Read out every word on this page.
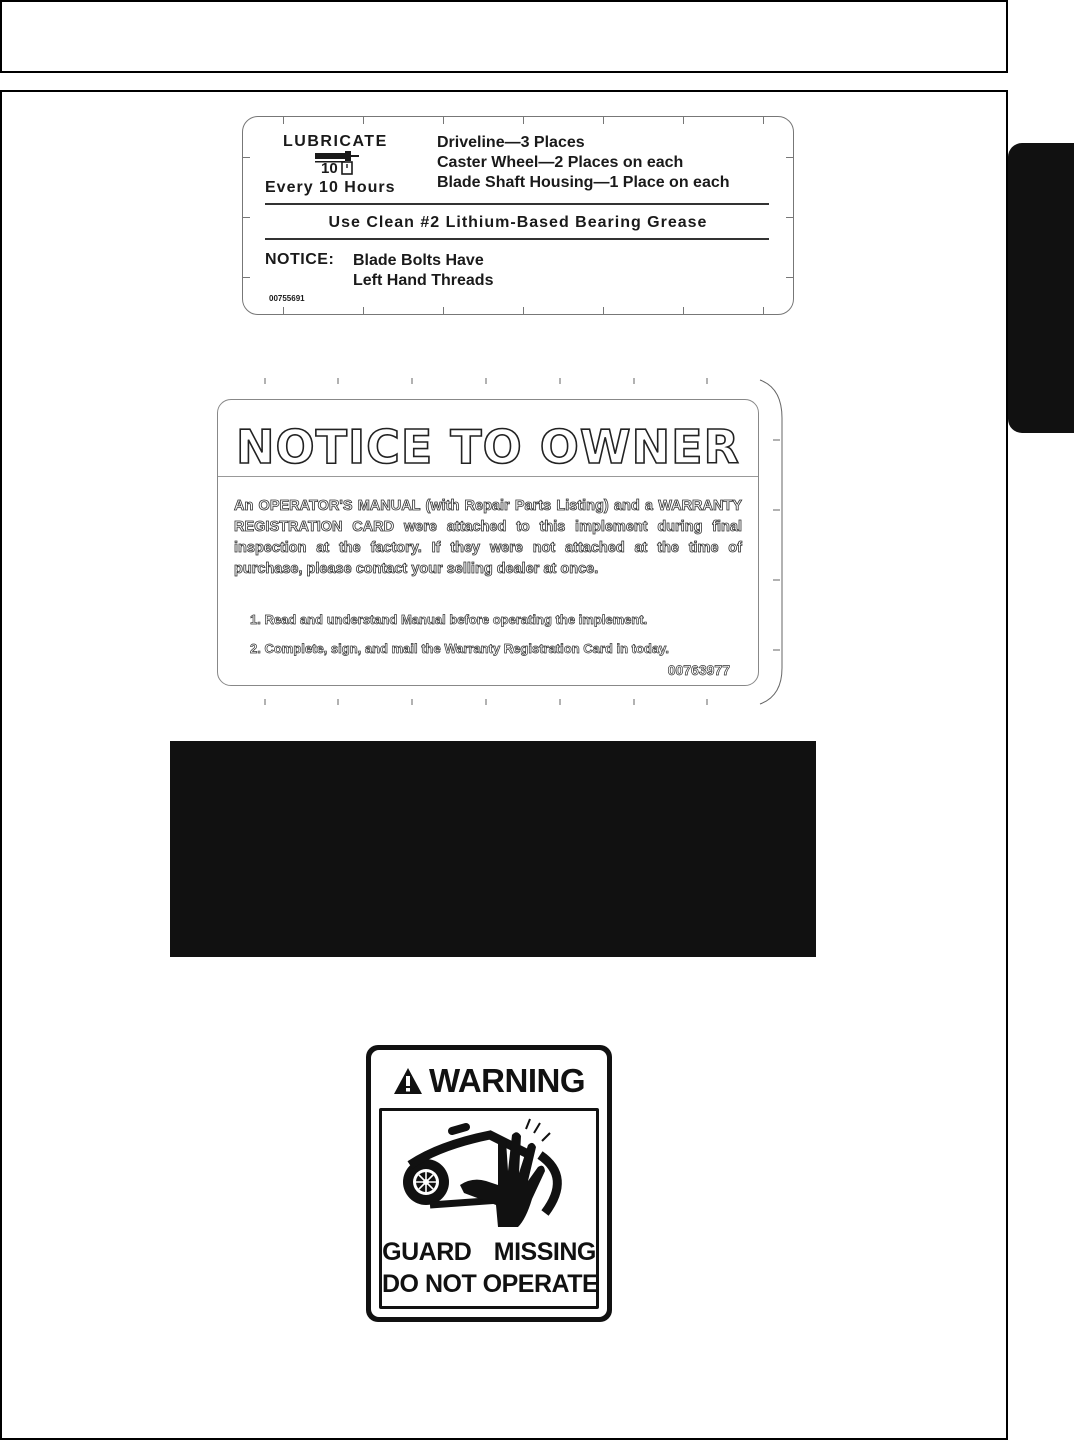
LUBRICATE
10
Every 10 Hours
Driveline—3 Places
Caster Wheel—2 Places on each
Blade Shaft Housing—1 Place on each
Use Clean #2 Lithium-Based Bearing Grease
NOTICE: Blade Bolts Have
Left Hand Threads
00755691
NOTICE TO OWNER
An OPERATOR'S MANUAL (with Repair Parts Listing) and a WARRANTY REGISTRATION CARD were attached to this implement during final inspection at the factory. If they were not attached at the time of purchase, please contact your selling dealer at once.
1. Read and understand Manual before operating the implement.
2. Complete, sign, and mail the Warranty Registration Card in today.
00763977
WARNING
GUARD MISSING
DO NOT OPERATE
